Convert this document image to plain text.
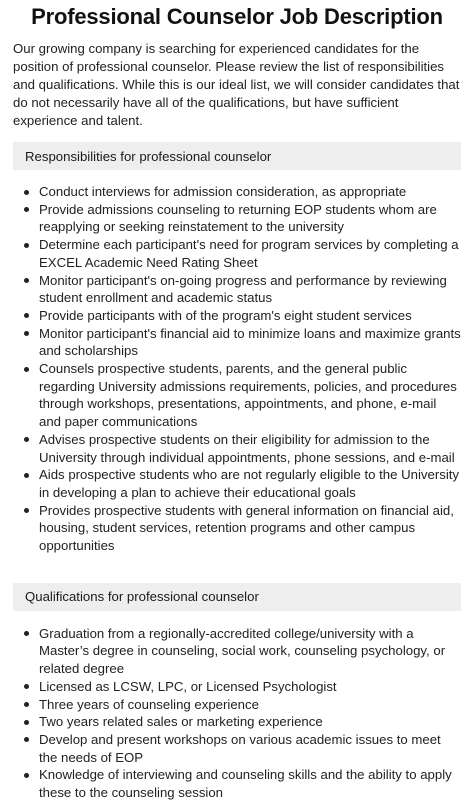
Professional Counselor Job Description

Our growing company is searching for experienced candidates for the position of professional counselor. Please review the list of responsibilities and qualifications. While this is our ideal list, we will consider candidates that do not necessarily have all of the qualifications, but have sufficient experience and talent.

Responsibilities for professional counselor
Conduct interviews for admission consideration, as appropriate
Provide admissions counseling to returning EOP students whom are reapplying or seeking reinstatement to the university
Determine each participant's need for program services by completing a EXCEL Academic Need Rating Sheet
Monitor participant's on-going progress and performance by reviewing student enrollment and academic status
Provide participants with of the program's eight student services
Monitor participant's financial aid to minimize loans and maximize grants and scholarships
Counsels prospective students, parents, and the general public regarding University admissions requirements, policies, and procedures through workshops, presentations, appointments, and phone, e-mail and paper communications
Advises prospective students on their eligibility for admission to the University through individual appointments, phone sessions, and e-mail
Aids prospective students who are not regularly eligible to the University in developing a plan to achieve their educational goals
Provides prospective students with general information on financial aid, housing, student services, retention programs and other campus opportunities
Qualifications for professional counselor
Graduation from a regionally-accredited college/university with a Master’s degree in counseling, social work, counseling psychology, or related degree
Licensed as LCSW, LPC, or Licensed Psychologist
Three years of counseling experience
Two years related sales or marketing experience
Develop and present workshops on various academic issues to meet the needs of EOP
Knowledge of interviewing and counseling skills and the ability to apply these to the counseling session
